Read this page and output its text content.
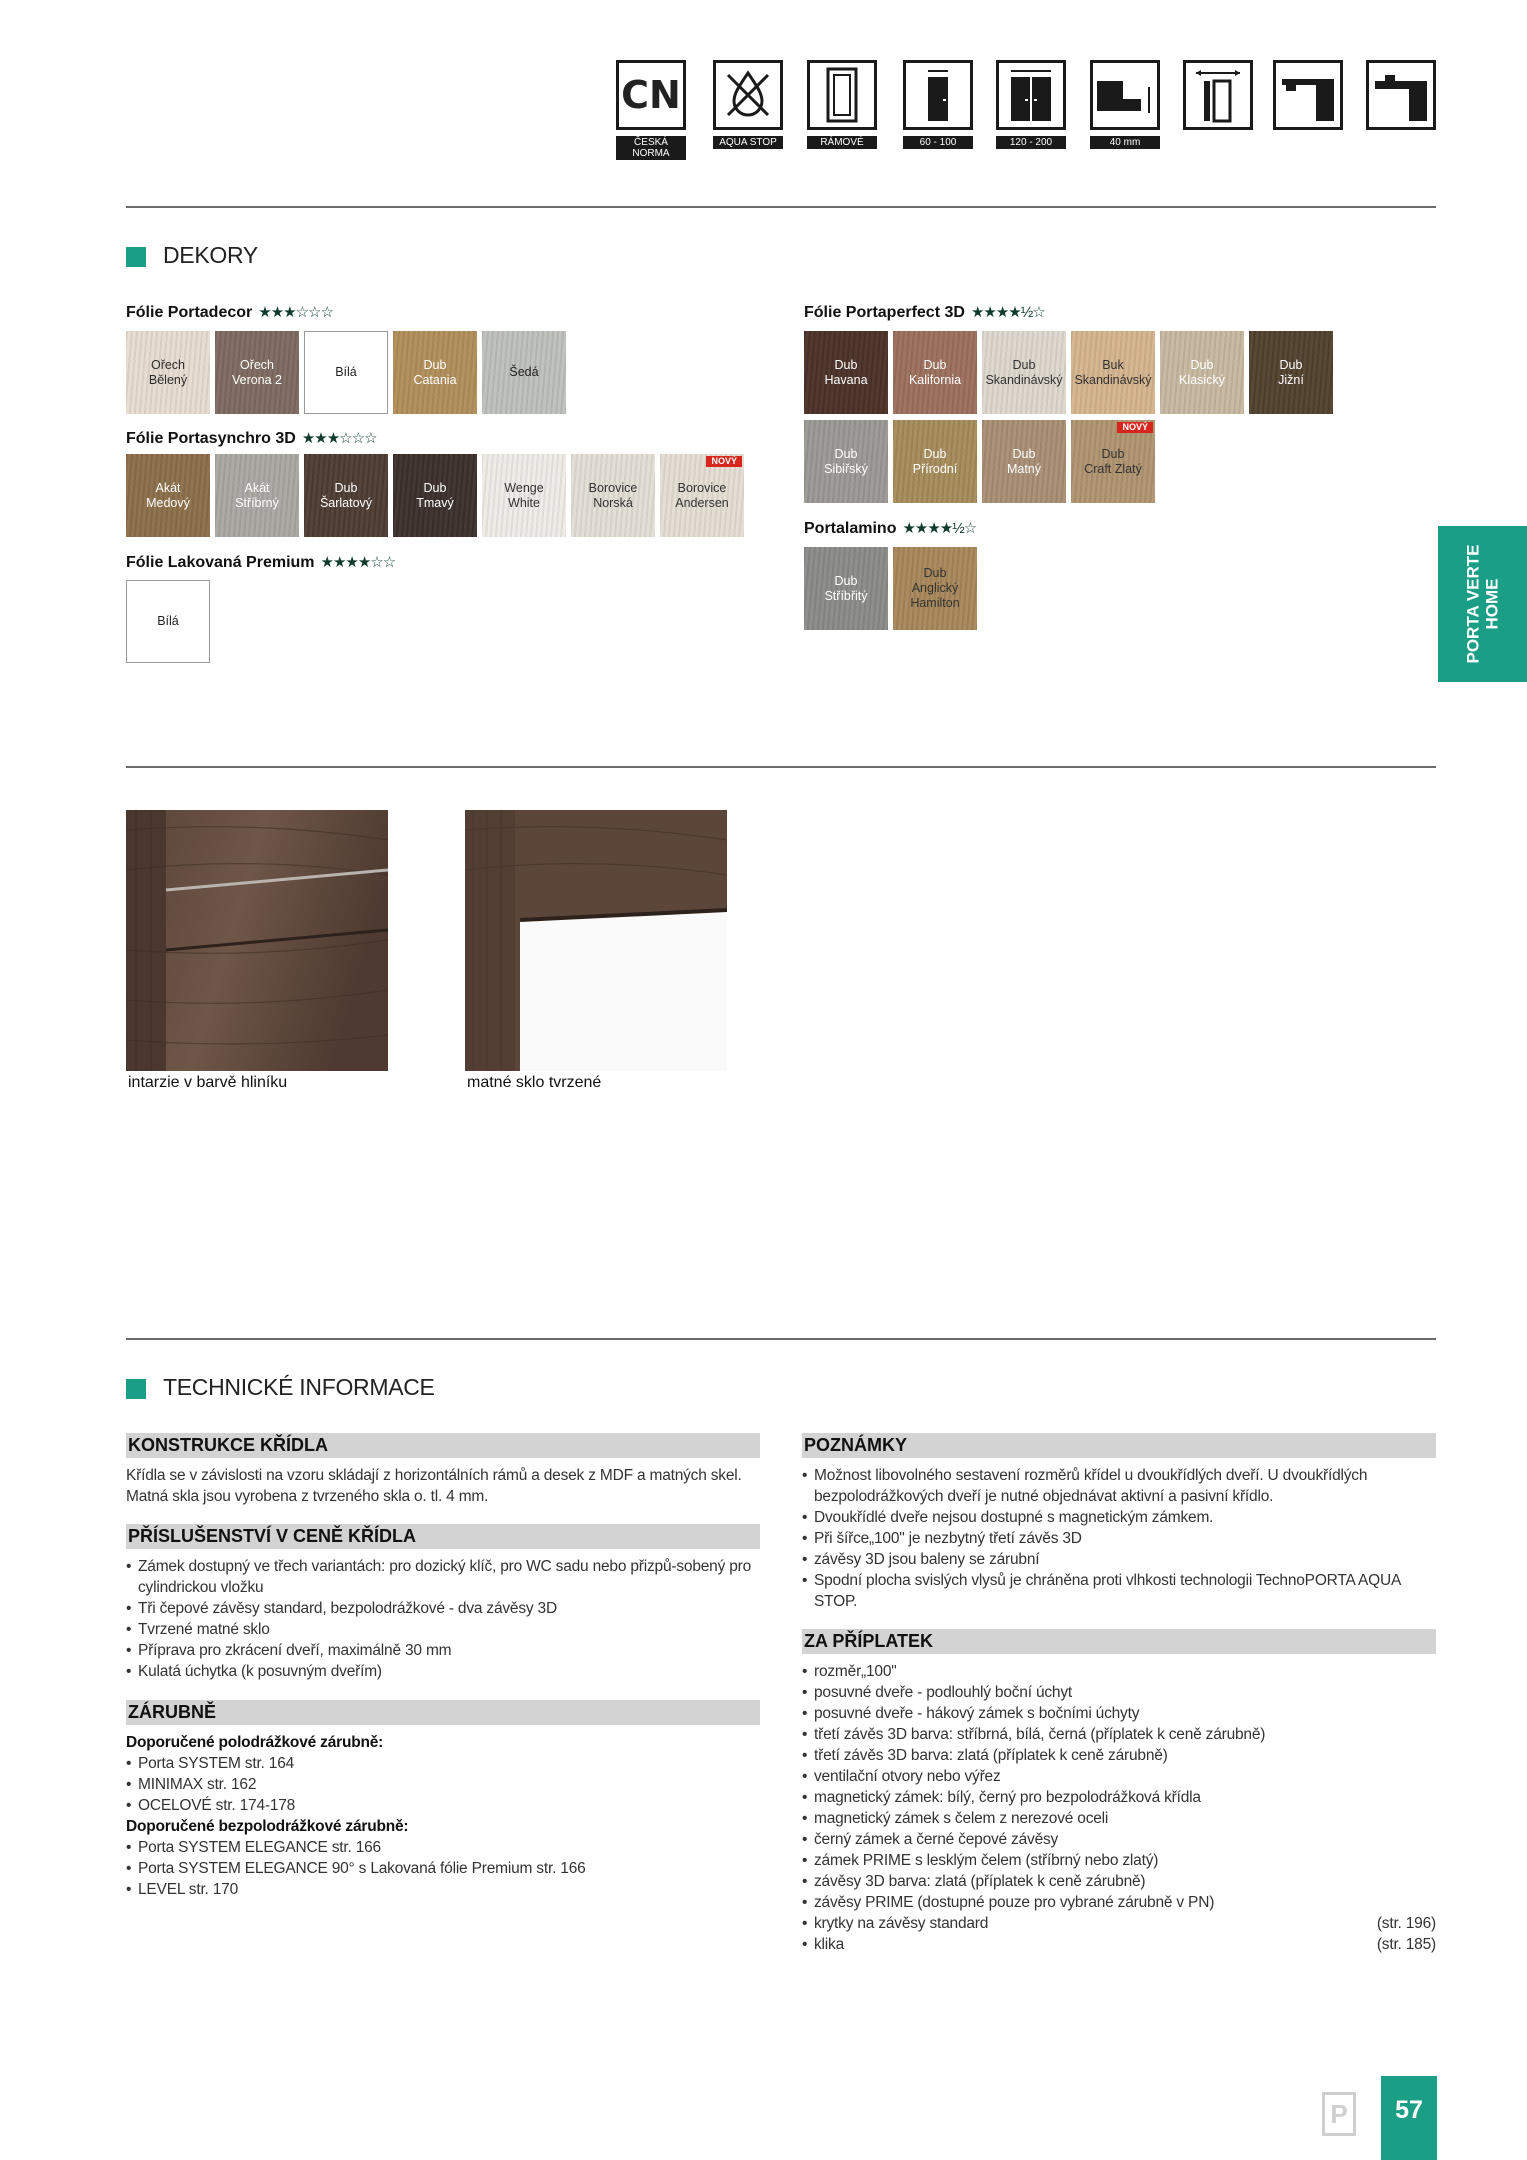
CN
ČESKÁ NORMA
AQUA STOP	RÁMOVÉ	60 - 100	120 - 200	40 mm
DEKORY
Fólie Portadecor ★★★☆☆☆
Ořech
Bělený
Ořech
Verona 2
Bílá
Dub
Catania
Šedá
Fólie Portasynchro 3D ★★★☆☆☆
Akát
Medový
Akát
Stříbrný
Dub
Šarlatový
Dub
Tmavý
Wenge
White
Borovice
Norská
Borovice
Andersen
NOVÝ
Fólie Lakovaná Premium ★★★★☆☆
Bílá
Fólie Portaperfect 3D ★★★★½☆
Dub
Havana
Dub
Kalifornia
Dub
Skandinávský
Buk
Skandinávský
Dub
Klasický
Dub
Jižní
Dub
Sibiřský
Dub
Přírodní
Dub
Matný
Dub
Craft Zlatý
NOVÝ
Portalamino ★★★★½☆
Dub
Stříbřitý
Dub
Anglický
Hamilton
PORTA VERTE
HOME
intarzie v barvě hliníku	matné sklo tvrzené
TECHNICKÉ INFORMACE
KONSTRUKCE KŘÍDLA
Křídla se v závislosti na vzoru skládají z horizontálních rámů a desek z MDF a matných skel. Matná skla jsou vyrobena z tvrzeného skla o. tl. 4 mm.
PŘÍSLUŠENSTVÍ V CENĚ KŘÍDLA
• Zámek dostupný ve třech variantách: pro dozický klíč, pro WC sadu nebo přizpů-sobený pro cylindrickou vložku
• Tři čepové závěsy standard, bezpolodrážkové - dva závěsy 3D
• Tvrzené matné sklo
• Příprava pro zkrácení dveří, maximálně 30 mm
• Kulatá úchytka (k posuvným dveřím)
ZÁRUBNĚ
Doporučené polodrážkové zárubně:
• Porta SYSTEM str. 164
• MINIMAX str. 162
• OCELOVÉ str. 174-178
Doporučené bezpolodrážkové zárubně:
• Porta SYSTEM ELEGANCE str. 166
• Porta SYSTEM ELEGANCE 90° s Lakovaná fólie Premium str. 166
• LEVEL str. 170
POZNÁMKY
• Možnost libovolného sestavení rozměrů křídel u dvoukřídlých dveří. U dvoukřídlých bezpolodrážkových dveří je nutné objednávat aktivní a pasivní křídlo.
• Dvoukřídlé dveře nejsou dostupné s magnetickým zámkem.
• Při šířce„100" je nezbytný třetí závěs 3D
• závěsy 3D jsou baleny se zárubní
• Spodní plocha svislých vlysů je chráněna proti vlhkosti technologii TechnoPORTA AQUA STOP.
ZA PŘÍPLATEK
• rozměr„100"
• posuvné dveře - podlouhlý boční úchyt
• posuvné dveře - hákový zámek s bočními úchyty
• třetí závěs 3D barva: stříbrná, bílá, černá (příplatek k ceně zárubně)
• třetí závěs 3D barva: zlatá (příplatek k ceně zárubně)
• ventilační otvory nebo výřez
• magnetický zámek: bílý, černý pro bezpolodrážková křídla
• magnetický zámek s čelem z nerezové oceli
• černý zámek a černé čepové závěsy
• zámek PRIME s lesklým čelem (stříbrný nebo zlatý)
• závěsy 3D barva: zlatá (příplatek k ceně zárubně)
• závěsy PRIME (dostupné pouze pro vybrané zárubně v PN)
• krytky na závěsy standard	(str. 196)
• klika	(str. 185)
P	57
